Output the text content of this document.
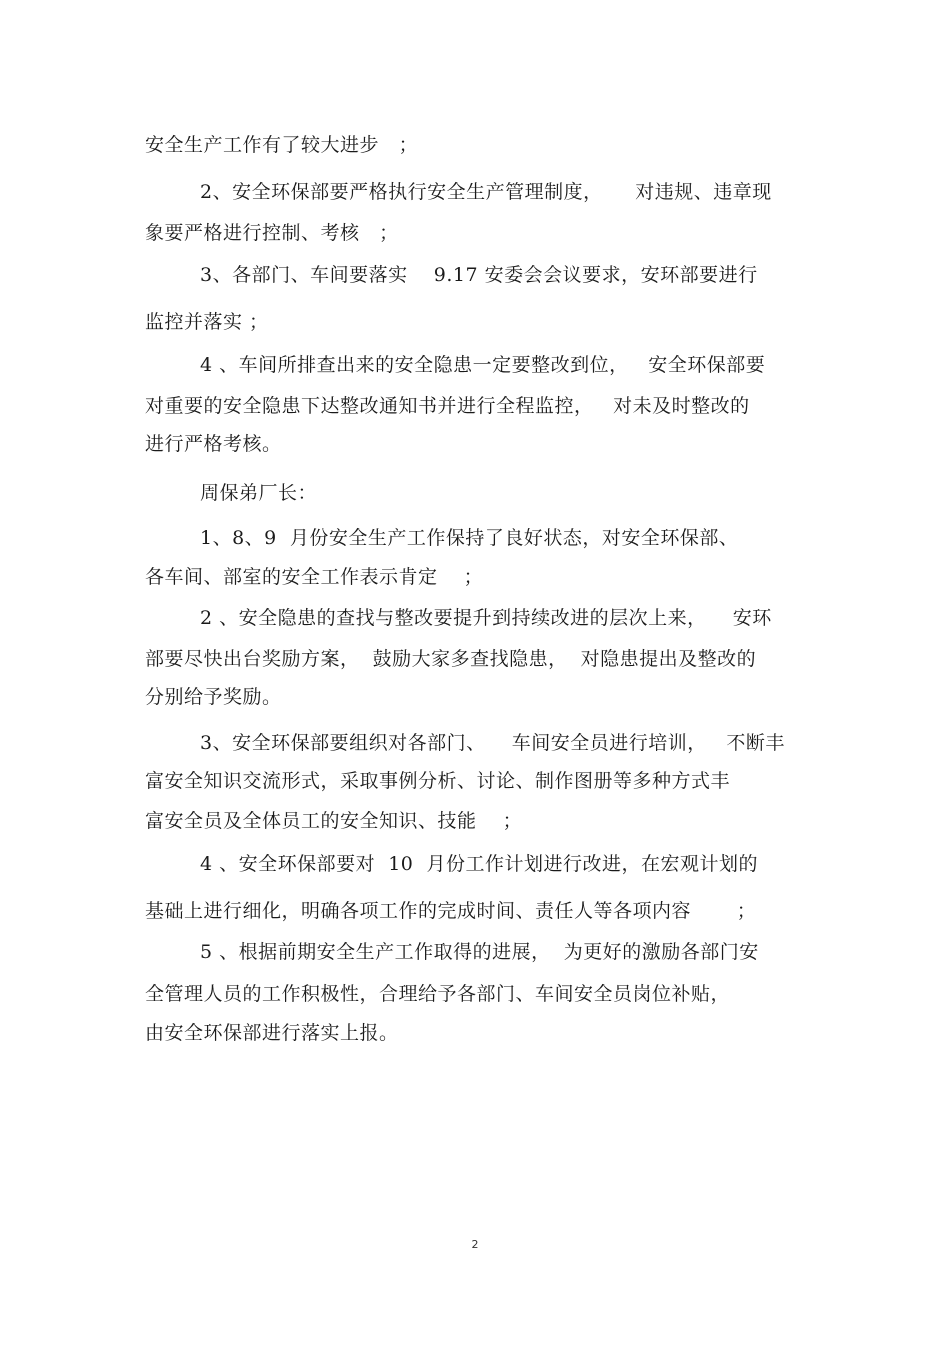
安全生产工作有了较大进步   ；
2、安全环保部要严格执行安全生产管理制度，     对违规、违章现
象要严格进行控制、考核   ；
3、各部门、车间要落实    9.17 安委会会议要求，安环部要进行
监控并落实 ；
4 、车间所排查出来的安全隐患一定要整改到位，   安全环保部要
对重要的安全隐患下达整改通知书并进行全程监控，   对未及时整改的
进行严格考核。
周保弟厂长：
1、8、9  月份安全生产工作保持了良好状态，对安全环保部、
各车间、部室的安全工作表示肯定    ；
2 、安全隐患的查找与整改要提升到持续改进的层次上来，    安环
部要尽快出台奖励方案，  鼓励大家多查找隐患，  对隐患提出及整改的
分别给予奖励。
3、安全环保部要组织对各部门、    车间安全员进行培训，   不断丰
富安全知识交流形式，采取事例分析、讨论、制作图册等多种方式丰
富安全员及全体员工的安全知识、技能    ；
4 、安全环保部要对  10  月份工作计划进行改进，在宏观计划的
基础上进行细化，明确各项工作的完成时间、责任人等各项内容       ；
5 、根据前期安全生产工作取得的进展，  为更好的激励各部门安
全管理人员的工作积极性，合理给予各部门、车间安全员岗位补贴，
由安全环保部进行落实上报。
2
